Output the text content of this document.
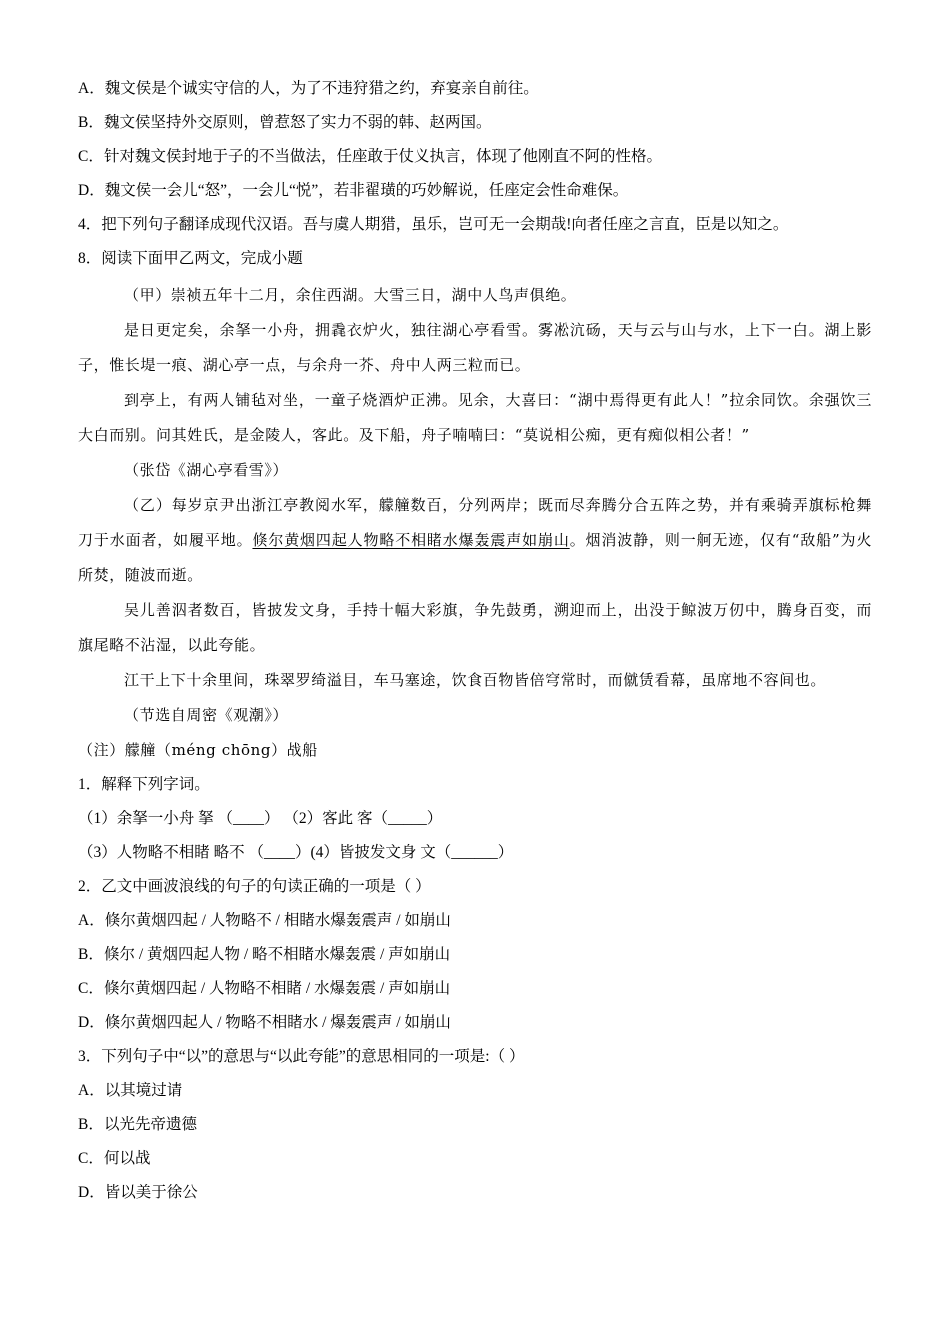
A．魏文侯是个诚实守信的人，为了不违狩猎之约，弃宴亲自前往。
B．魏文侯坚持外交原则，曾惹怒了实力不弱的韩、赵两国。
C．针对魏文侯封地于子的不当做法，任座敢于仗义执言，体现了他刚直不阿的性格。
D．魏文侯一会儿“怒”，一会儿“悦”，若非翟璜的巧妙解说，任座定会性命难保。
4．把下列句子翻译成现代汉语。吾与虞人期猎，虽乐，岂可无一会期哉!向者任座之言直，臣是以知之。
8．阅读下面甲乙两文，完成小题
（甲）崇祯五年十二月，余住西湖。大雪三日，湖中人鸟声俱绝。
是日更定矣，余拏一小舟，拥毳衣炉火，独往湖心亭看雪。雾凇沆砀，天与云与山与水，上下一白。湖上影子，惟长堤一痕、湖心亭一点，与余舟一芥、舟中人两三粒而已。
到亭上，有两人铺毡对坐，一童子烧酒炉正沸。见余，大喜曰：“湖中焉得更有此人！”拉余同饮。余强饮三大白而别。问其姓氏，是金陵人，客此。及下船，舟子喃喃曰：“莫说相公痴，更有痴似相公者！”
（张岱《湖心亭看雪》）
（乙）每岁京尹出浙江亭教阅水军，艨艟数百，分列两岸；既而尽奔腾分合五阵之势，并有乘骑弄旗标枪舞刀于水面者，如履平地。倏尔黄烟四起人物略不相睹水爆轰震声如崩山。烟消波静，则一舸无迹，仅有“敌船”为火所焚，随波而逝。
吴儿善泅者数百，皆披发文身，手持十幅大彩旗，争先鼓勇，溯迎而上，出没于鲸波万仞中，腾身百变，而旗尾略不沾湿，以此夸能。
江干上下十余里间，珠翠罗绮溢目，车马塞途，饮食百物皆倍穹常时，而僦赁看幕，虽席地不容间也。
（节选自周密《观潮》）
（注）艨艟（méng chōng）战船
1．解释下列字词。
（1）余拏一小舟 拏 （____） （2）客此 客（_____）
（3）人物略不相睹 略不 （____）(4）皆披发文身 文（______）
2．乙文中画波浪线的句子的句读正确的一项是（ ）
A．倏尔黄烟四起 / 人物略不 / 相睹水爆轰震声 / 如崩山
B．倏尔 / 黄烟四起人物 / 略不相睹水爆轰震 / 声如崩山
C．倏尔黄烟四起 / 人物略不相睹 / 水爆轰震 / 声如崩山
D．倏尔黄烟四起人 / 物略不相睹水 / 爆轰震声 / 如崩山
3．下列句子中“以”的意思与“以此夸能”的意思相同的一项是:（ ）
A．以其境过请
B．以光先帝遗德
C．何以战
D．皆以美于徐公
